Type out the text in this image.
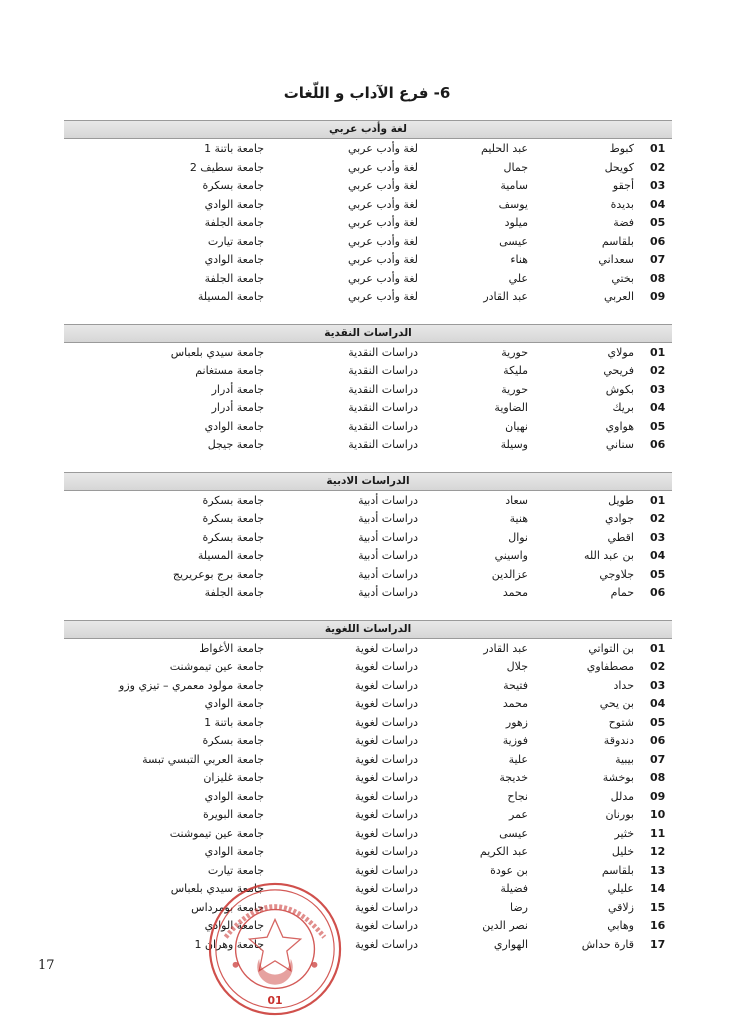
6- فرع الآداب و اللّغات
لغة وأدب عربي
01
كبوط
عبد الحليم
لغة وأدب عربي
جامعة باتنة 1
02
كويحل
جمال
لغة وأدب عربي
جامعة سطيف 2
03
أجقو
سامية
لغة وأدب عربي
جامعة بسكرة
04
بديدة
يوسف
لغة وأدب عربي
جامعة الوادي
05
فضة
ميلود
لغة وأدب عربي
جامعة الجلفة
06
بلقاسم
عيسى
لغة وأدب عربي
جامعة تيارت
07
سعداني
هناء
لغة وأدب عربي
جامعة الوادي
08
بختي
علي
لغة وأدب عربي
جامعة الجلفة
09
العربي
عبد القادر
لغة وأدب عربي
جامعة المسيلة
الدراسات النقدية
01
مولاي
حورية
دراسات النقدية
جامعة سيدي بلعباس
02
فريحي
مليكة
دراسات النقدية
جامعة مستغانم
03
بكوش
حورية
دراسات النقدية
جامعة أدرار
04
بريك
الضاوية
دراسات النقدية
جامعة أدرار
05
هواوي
نهيان
دراسات النقدية
جامعة الوادي
06
سناني
وسيلة
دراسات النقدية
جامعة جيجل
الدراسات الادبية
01
طويل
سعاد
دراسات أدبية
جامعة بسكرة
02
جوادي
هنية
دراسات أدبية
جامعة بسكرة
03
اقطي
نوال
دراسات أدبية
جامعة بسكرة
04
بن عبد الله
واسيني
دراسات أدبية
جامعة المسيلة
05
جلاوجي
عزالدين
دراسات أدبية
جامعة برج بوعريريج
06
حمام
محمد
دراسات أدبية
جامعة الجلفة
الدراسات اللغوية
01
بن التواتي
عبد القادر
دراسات لغوية
جامعة الأغواط
02
مصطفاوي
جلال
دراسات لغوية
جامعة عين تيموشنت
03
حداد
فتيحة
دراسات لغوية
جامعة مولود معمري – تيزي وزو
04
بن يحي
محمد
دراسات لغوية
جامعة الوادي
05
شتوح
زهور
دراسات لغوية
جامعة باتنة 1
06
دندوقة
فوزية
دراسات لغوية
جامعة بسكرة
07
بيبية
علية
دراسات لغوية
جامعة العربي التبسي تبسة
08
بوخشة
خديجة
دراسات لغوية
جامعة غليزان
09
مدلل
نجاح
دراسات لغوية
جامعة الوادي
10
بورنان
عمر
دراسات لغوية
جامعة البويرة
11
خثير
عيسى
دراسات لغوية
جامعة عين تيموشنت
12
خليل
عبد الكريم
دراسات لغوية
جامعة الوادي
13
بلقاسم
بن عودة
دراسات لغوية
جامعة تيارت
14
عليلي
فضيلة
دراسات لغوية
جامعة سيدي بلعباس
15
زلاقي
رضا
دراسات لغوية
جامعة بومرداس
16
وهابي
نصر الدين
دراسات لغوية
جامعة الوادي
17
قارة حداش
الهواري
دراسات لغوية
جامعة وهران 1
17
01
